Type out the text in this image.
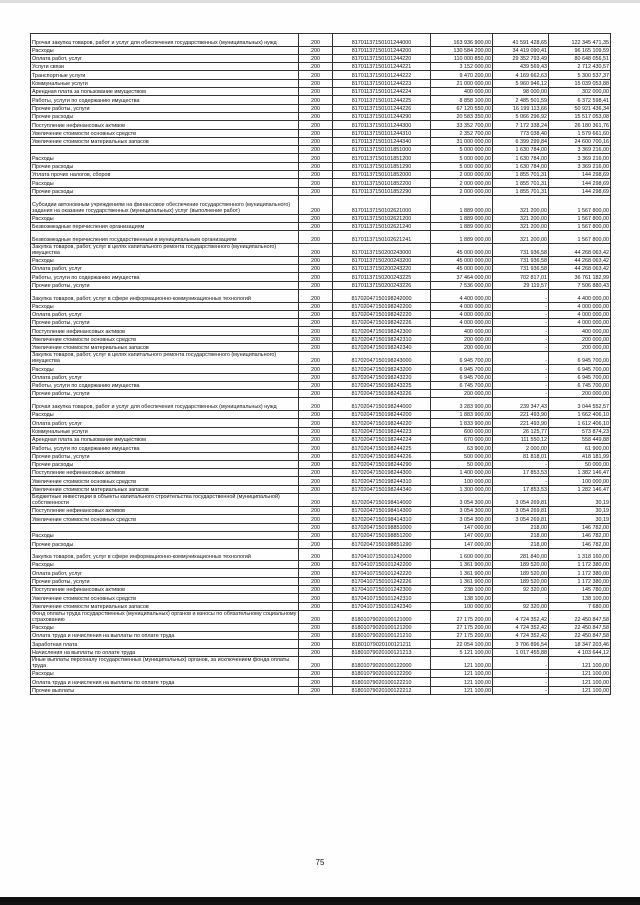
Прочая закупка товаров, работ и услуг для обеспечения государственных (муниципальных) нужд	200	81701137150101244000	163 936 900,00	41 591 428,65	122 345 471,35
Расходы	200	81701137150101244200	130 584 200,00	34 419 090,41	96 165 109,59
Оплата работ, услуг	200	81701137150101244220	110 000 850,00	29 352 793,49	80 648 056,51
Услуги связи	200	81701137150101244221	3 152 000,00	439 569,43	2 712 430,57
Транспортные услуги	200	81701137150101244222	9 470 200,00	4 169 662,63	5 300 537,37
Коммунальные услуги	200	81701137150101244223	21 000 000,00	5 960 946,12	15 039 053,88
Арендная плата за пользование имуществом	200	81701137150101244224	400 000,00	98 000,00	302 000,00
Работы, услуги по содержанию имущества	200	81701137150101244225	8 858 100,00	2 485 501,59	6 372 598,41
Прочие работы, услуги	200	81701137150101244226	67 120 550,00	16 199 113,66	50 921 436,34
Прочие расходы	200	81701137150101244290	20 583 350,00	5 066 296,92	15 517 053,08
Поступление нефинансовых активов	200	81701137150101244300	33 352 700,00	7 172 338,24	26 180 361,76
Увеличение стоимости основных средств	200	81701137150101244310	2 352 700,00	773 038,40	1 579 661,60
Увеличение стоимости материальных запасов	200	81701137150101244340	31 000 000,00	6 399 299,84	24 600 700,16
	200	81701137150101851000	5 000 000,00	1 630 784,00	3 369 216,00
Расходы	200	81701137150101851200	5 000 000,00	1 630 784,00	3 369 216,00
Прочие расходы	200	81701137150101851290	5 000 000,00	1 630 784,00	3 369 216,00
Уплата прочих налогов, сборов	200	81701137150101852000	2 000 000,00	1 855 701,31	144 298,69
Расходы	200	81701137150101852200	2 000 000,00	1 855 701,31	144 298,69
Прочие расходы	200	81701137150101852290	2 000 000,00	1 855 701,31	144 298,69
Субсидии автономным учреждениям на финансовое обеспечение государственного (муниципального) задания на оказание государственных (муниципальных) услуг (выполнение работ)	200	81701137150102621000	1 889 000,00	321 200,00	1 567 800,00
Расходы	200	81701137150102621200	1 889 000,00	321 200,00	1 567 800,00
Безвозмездные перечисления организациям	200	81701137150102621240	1 889 000,00	321 200,00	1 567 800,00
Безвозмездные перечисления государственным и муниципальным организациям	200	81701137150102621241	1 889 000,00	321 200,00	1 567 800,00
Закупка товаров, работ, услуг в целях капитального ремонта государственного (муниципального) имущества	200	81701137150200243000	45 000 000,00	731 936,58	44 268 063,42
Расходы	200	81701137150200243200	45 000 000,00	731 936,58	44 268 063,42
Оплата работ, услуг	200	81701137150200243220	45 000 000,00	731 936,58	44 268 063,42
Работы, услуги по содержанию имущества	200	81701137150200243225	37 464 000,00	702 817,01	36 761 182,99
Прочие работы, услуги	200	81701137150200243226	7 536 000,00	29 119,57	7 506 880,43
Закупка товаров, работ, услуг в сфере информационно-коммуникационных технологий	200	81702047150198242000	4 400 000,00	-	4 400 000,00
Расходы	200	81702047150198242200	4 000 000,00	-	4 000 000,00
Оплата работ, услуг	200	81702047150198242220	4 000 000,00	-	4 000 000,00
Прочие работы, услуги	200	81702047150198242226	4 000 000,00	-	4 000 000,00
Поступление нефинансовых активов	200	81702047150198242300	400 000,00	-	400 000,00
Увеличение стоимости основных средств	200	81702047150198242310	200 000,00	-	200 000,00
Увеличение стоимости материальных запасов	200	81702047150198242340	200 000,00	-	200 000,00
Закупка товаров, работ, услуг в целях капитального ремонта государственного (муниципального) имущества	200	81702047150198243000	6 945 700,00	-	6 945 700,00
Расходы	200	81702047150198243200	6 945 700,00	-	6 945 700,00
Оплата работ, услуг	200	81702047150198243220	6 945 700,00	-	6 945 700,00
Работы, услуги по содержанию имущества	200	81702047150198243225	6 745 700,00	-	6 745 700,00
Прочие работы, услуги	200	81702047150198243226	200 000,00	-	200 000,00
Прочая закупка товаров, работ и услуг для обеспечения государственных (муниципальных) нужд	200	81702047150198244000	3 283 900,00	239 347,43	3 044 552,57
Расходы	200	81702047150198244200	1 883 900,00	221 493,90	1 662 406,10
Оплата работ, услуг	200	81702047150198244220	1 833 900,00	221 493,90	1 612 406,10
Коммунальные услуги	200	81702047150198244223	600 000,00	26 125,77	573 874,23
Арендная плата за пользование имуществом	200	81702047150198244224	670 000,00	111 550,12	558 449,88
Работы, услуги по содержанию имущества	200	81702047150198244225	63 900,00	2 000,00	61 900,00
Прочие работы, услуги	200	81702047150198244226	500 000,00	81 818,01	418 181,99
Прочие расходы	200	81702047150198244290	50 000,00	-	50 000,00
Поступление нефинансовых активов	200	81702047150198244300	1 400 000,00	17 853,53	1 382 146,47
Увеличение стоимости основных средств	200	81702047150198244310	100 000,00	-	100 000,00
Увеличение стоимости материальных запасов	200	81702047150198244340	1 300 000,00	17 853,53	1 282 146,47
Бюджетные инвестиции в объекты капитального строительства государственной (муниципальной) собственности	200	81702047150198414000	3 054 300,00	3 054 269,81	30,19
Поступление нефинансовых активов	200	81702047150198414300	3 054 300,00	3 054 269,81	30,19
Увеличение стоимости основных средств	200	81702047150198414310	3 054 300,00	3 054 269,81	30,19
	200	81702047150198851000	147 000,00	218,00	146 782,00
Расходы	200	81702047150198851200	147 000,00	218,00	146 782,00
Прочие расходы	200	81702047150198851290	147 000,00	218,00	146 782,00
Закупка товаров, работ, услуг в сфере информационно-коммуникационных технологий	200	81704107150101242000	1 600 000,00	281 840,00	1 318 160,00
Расходы	200	81704107150101242200	1 361 900,00	189 520,00	1 172 380,00
Оплата работ, услуг	200	81704107150101242220	1 361 900,00	189 520,00	1 172 380,00
Прочие работы, услуги	200	81704107150101242226	1 361 900,00	189 520,00	1 172 380,00
Поступление нефинансовых активов	200	81704107150101242300	238 100,00	92 320,00	145 780,00
Увеличение стоимости основных средств	200	81704107150101242310	138 100,00	-	138 100,00
Увеличение стоимости материальных запасов	200	81704107150101242340	100 000,00	92 320,00	7 680,00
Фонд оплаты труда государственных (муниципальных) органов и взносы по обязательному социальному страхованию	200	81801079020100121000	27 175 200,00	4 724 352,42	22 450 847,58
Расходы	200	81801079020100121200	27 175 200,00	4 724 352,42	22 450 847,58
Оплата труда и начисления на выплаты по оплате труда	200	81801079020100121210	27 175 200,00	4 724 352,42	22 450 847,58
Заработная плата	200	81801079020100121211	22 054 100,00	3 706 896,54	18 347 203,46
Начисления на выплаты по оплате труда	200	81801079020100121213	5 121 100,00	1 017 455,88	4 103 644,12
Иные выплаты персоналу государственных (муниципальных) органов, за исключением фонда оплаты труда	200	81801079020100122000	121 100,00	-	121 100,00
Расходы	200	81801079020100122200	121 100,00	-	121 100,00
Оплата труда и начисления на выплаты по оплате труда	200	81801079020100122210	121 100,00	-	121 100,00
Прочие выплаты	200	81801079020100122212	121 100,00	-	121 100,00
75
